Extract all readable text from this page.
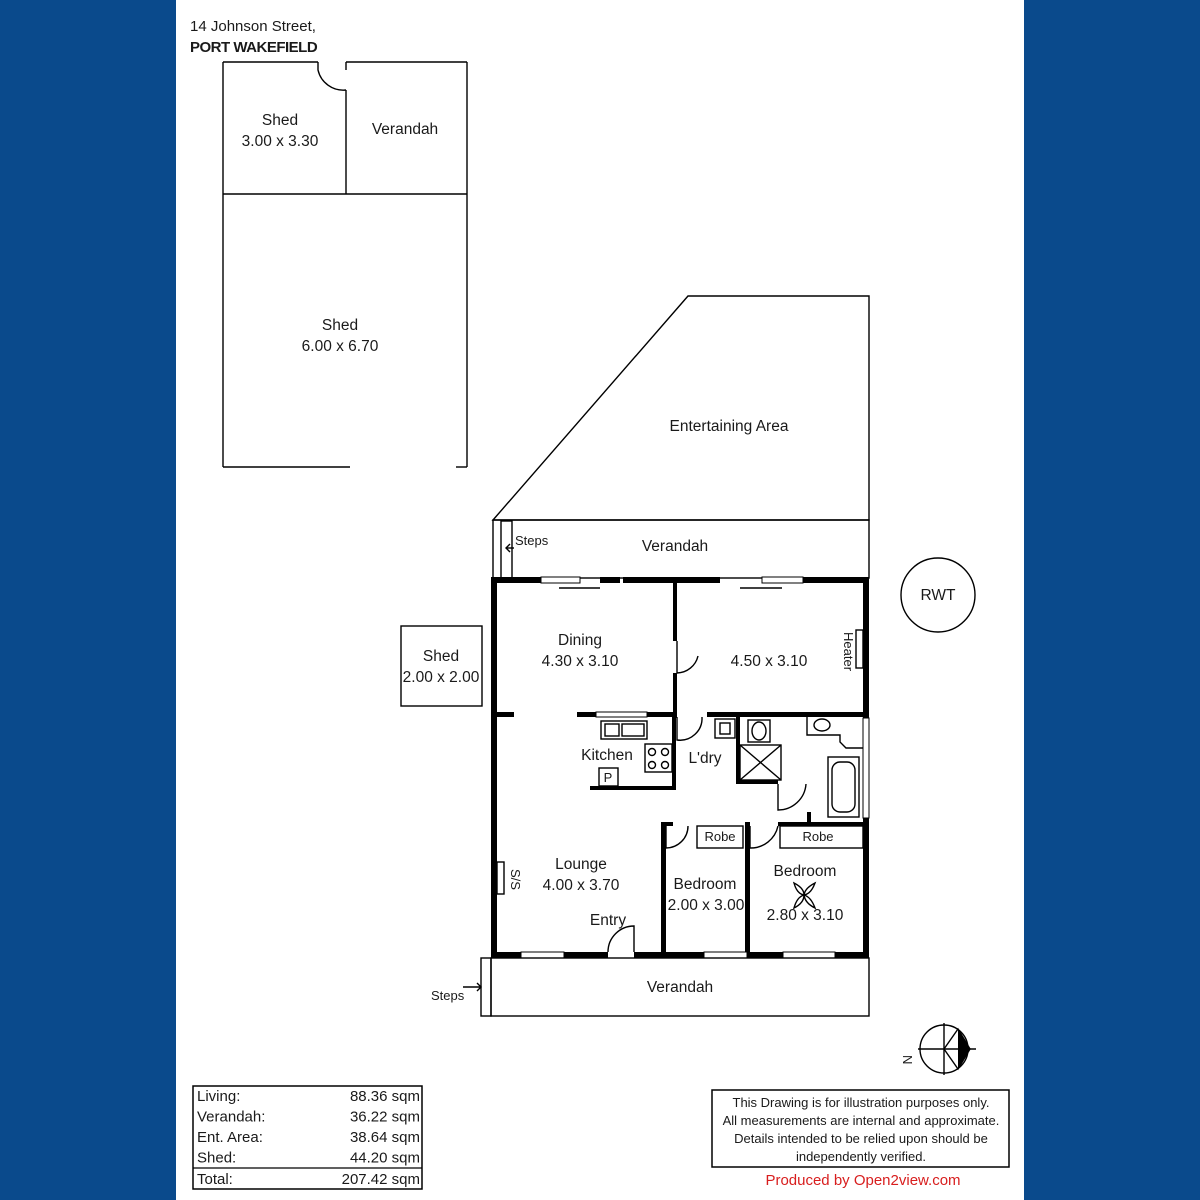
14 Johnson Street,
PORT WAKEFIELD
Shed
3.00 x 3.30
Verandah
Shed
6.00 x 6.70
Entertaining Area
Steps	Verandah
RWT
Shed
2.00 x 2.00
Heater
P
Kitchen	L'dry
Robe	Robe
S/S
Dining
4.30 x 3.10	4.50 x 3.10
Lounge
4.00 x 3.70
Entry
Bedroom
2.00 x 3.00
Bedroom
2.80 x 3.10
Steps	Verandah
N
Living:	88.36 sqm
Verandah:	36.22 sqm
Ent. Area:	38.64 sqm
Shed:	44.20 sqm
Total:	207.42 sqm
This Drawing is for illustration purposes only.
All measurements are internal and approximate.
Details intended to be relied upon should be
independently verified.
Produced by Open2view.com
